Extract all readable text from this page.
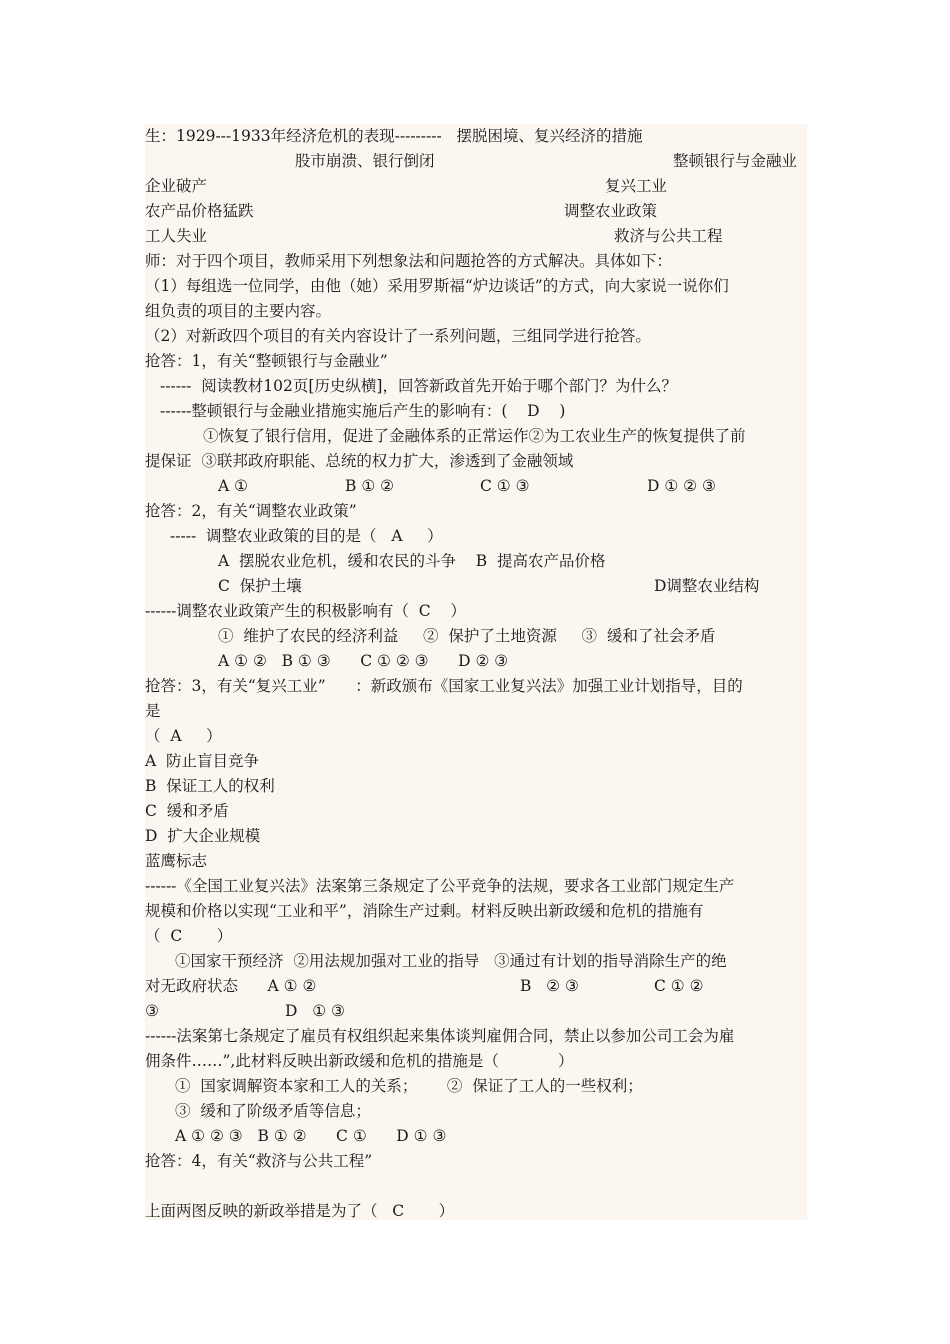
生：1929---1933年经济危机的表现---------   摆脱困境、复兴经济的措施
股市崩溃、银行倒闭	整顿银行与金融业
企业破产	复兴工业
农产品价格猛跌	调整农业政策
工人失业	救济与公共工程
师：对于四个项目，教师采用下列想象法和问题抢答的方式解决。具体如下：
（1）每组选一位同学，由他（她）采用罗斯福“炉边谈话”的方式，向大家说一说你们
组负责的项目的主要内容。
（2）对新政四个项目的有关内容设计了一系列问题，三组同学进行抢答。
抢答：1，有关“整顿银行与金融业”
------  阅读教材102页[历史纵横]，回答新政首先开始于哪个部门？为什么？
------整顿银行与金融业措施实施后产生的影响有：(    D    )
①恢复了银行信用，促进了金融体系的正常运作②为工农业生产的恢复提供了前
提保证  ③联邦政府职能、总统的权力扩大，渗透到了金融领域
A ①	B ① ②	C ① ③	D ① ② ③
抢答：2，有关“调整农业政策”
-----  调整农业政策的目的是（   A     ）
A  摆脱农业危机，缓和农民的斗争    B  提高农产品价格
C  保护土壤	D调整农业结构
------调整农业政策产生的积极影响有（  C    ）
①  维护了农民的经济利益     ②  保护了土地资源     ③  缓和了社会矛盾
A ① ②   B ① ③      C ① ② ③      D ② ③
抢答：3，有关“复兴工业”      ：新政颁布《国家工业复兴法》加强工业计划指导，目的
是
（  A     ）
A  防止盲目竞争
B  保证工人的权利
C  缓和矛盾
D  扩大企业规模
蓝鹰标志
------《全国工业复兴法》法案第三条规定了公平竞争的法规，要求各工业部门规定生产
规模和价格以实现“工业和平”，消除生产过剩。材料反映出新政缓和危机的措施有
（  C       ）
①国家干预经济  ②用法规加强对工业的指导   ③通过有计划的指导消除生产的绝
对无政府状态      A ① ②	B   ② ③	C ① ②
③	D   ① ③
------法案第七条规定了雇员有权组织起来集体谈判雇佣合同，禁止以参加公司工会为雇
佣条件……”,此材料反映出新政缓和危机的措施是（            ）
①  国家调解资本家和工人的关系；      ②  保证了工人的一些权利；
③  缓和了阶级矛盾等信息；
A ① ② ③   B ① ②      C ①      D ① ③
抢答：4，有关“救济与公共工程”
上面两图反映的新政举措是为了（   C       ）
